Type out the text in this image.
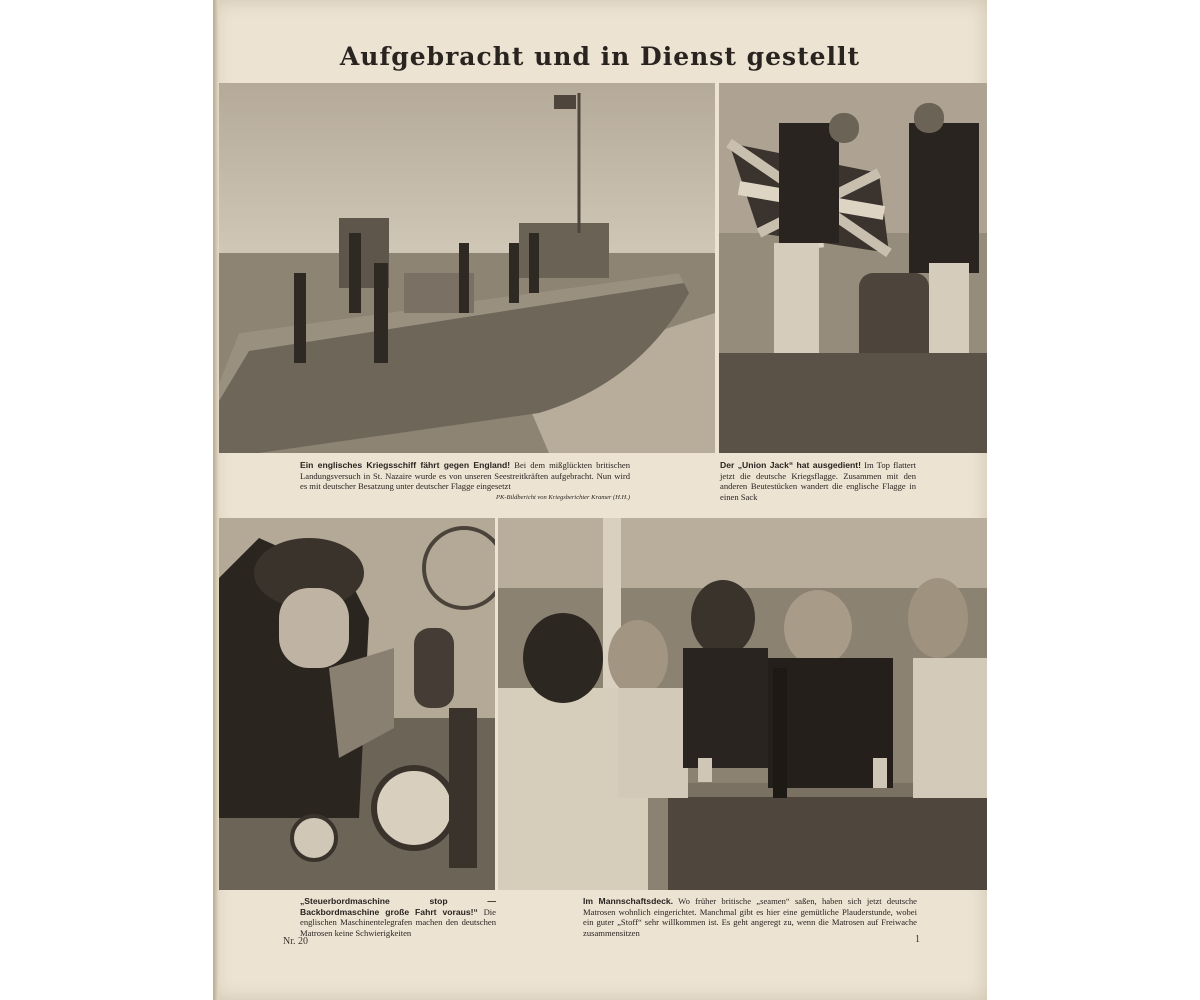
Aufgebracht und in Dienst gestellt
Ein englisches Kriegsschiff fährt gegen England! Bei dem mißglückten britischen Landungsversuch in St. Nazaire wurde es von unseren Seestreitkräften aufgebracht. Nun wird es mit deutscher Besatzung unter deutscher Flagge eingesetzt
PK-Bildbericht von Kriegsberichter Kramer (H.H.)
Der „Union Jack“ hat ausgedient! Im Top flattert jetzt die deutsche Kriegsflagge. Zusammen mit den anderen Beutestücken wandert die englische Flagge in einen Sack
„Steuerbordmaschine stop — Backbordmaschine große Fahrt voraus!“ Die englischen Maschinentelegrafen machen den deutschen Matrosen keine Schwierigkeiten
Im Mannschaftsdeck. Wo früher britische „seamen“ saßen, haben sich jetzt deutsche Matrosen wohnlich eingerichtet. Manchmal gibt es hier eine gemütliche Plauderstunde, wobei ein guter „Stoff“ sehr willkommen ist. Es geht angeregt zu, wenn die Matrosen auf Freiwache zusammensitzen
Nr. 20	1
